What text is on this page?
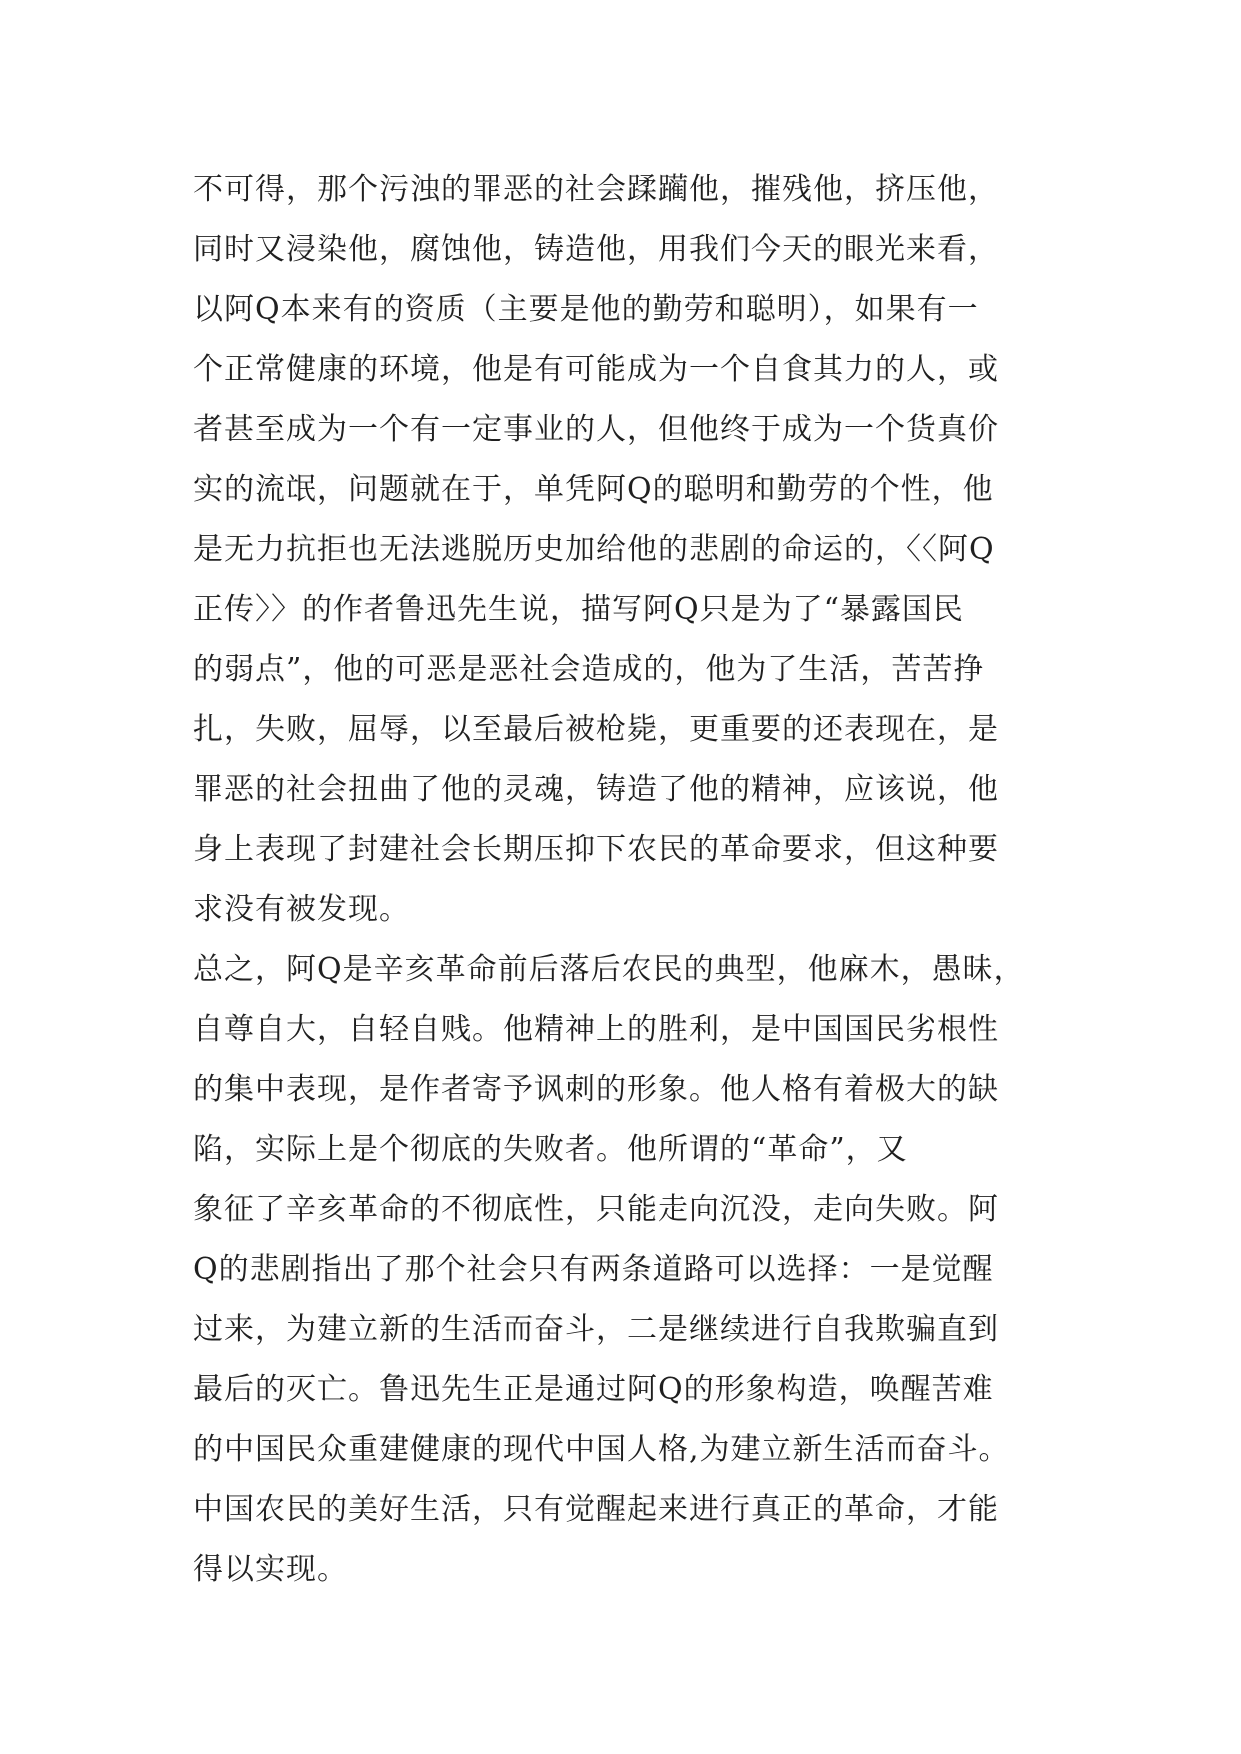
不可得，那个污浊的罪恶的社会蹂躏他，摧残他，挤压他，
同时又浸染他，腐蚀他，铸造他，用我们今天的眼光来看，
以阿Q本来有的资质（主要是他的勤劳和聪明），如果有一
个正常健康的环境，他是有可能成为一个自食其力的人，或
者甚至成为一个有一定事业的人，但他终于成为一个货真价
实的流氓，问题就在于，单凭阿Q的聪明和勤劳的个性，他
是无力抗拒也无法逃脱历史加给他的悲剧的命运的，〈〈阿Q
正传〉〉的作者鲁迅先生说，描写阿Q只是为了“暴露国民
的弱点”，他的可恶是恶社会造成的，他为了生活，苦苦挣
扎，失败，屈辱，以至最后被枪毙，更重要的还表现在，是
罪恶的社会扭曲了他的灵魂，铸造了他的精神，应该说，他
身上表现了封建社会长期压抑下农民的革命要求，但这种要
求没有被发现。
总之，阿Q是辛亥革命前后落后农民的典型，他麻木，愚昧，
自尊自大，自轻自贱。他精神上的胜利，是中国国民劣根性
的集中表现，是作者寄予讽刺的形象。他人格有着极大的缺
陷，实际上是个彻底的失败者。他所谓的“革命”，又
象征了辛亥革命的不彻底性，只能走向沉没，走向失败。阿
Q的悲剧指出了那个社会只有两条道路可以选择：一是觉醒
过来，为建立新的生活而奋斗，二是继续进行自我欺骗直到
最后的灭亡。鲁迅先生正是通过阿Q的形象构造，唤醒苦难
的中国民众重建健康的现代中国人格,为建立新生活而奋斗。
中国农民的美好生活，只有觉醒起来进行真正的革命，才能
得以实现。
